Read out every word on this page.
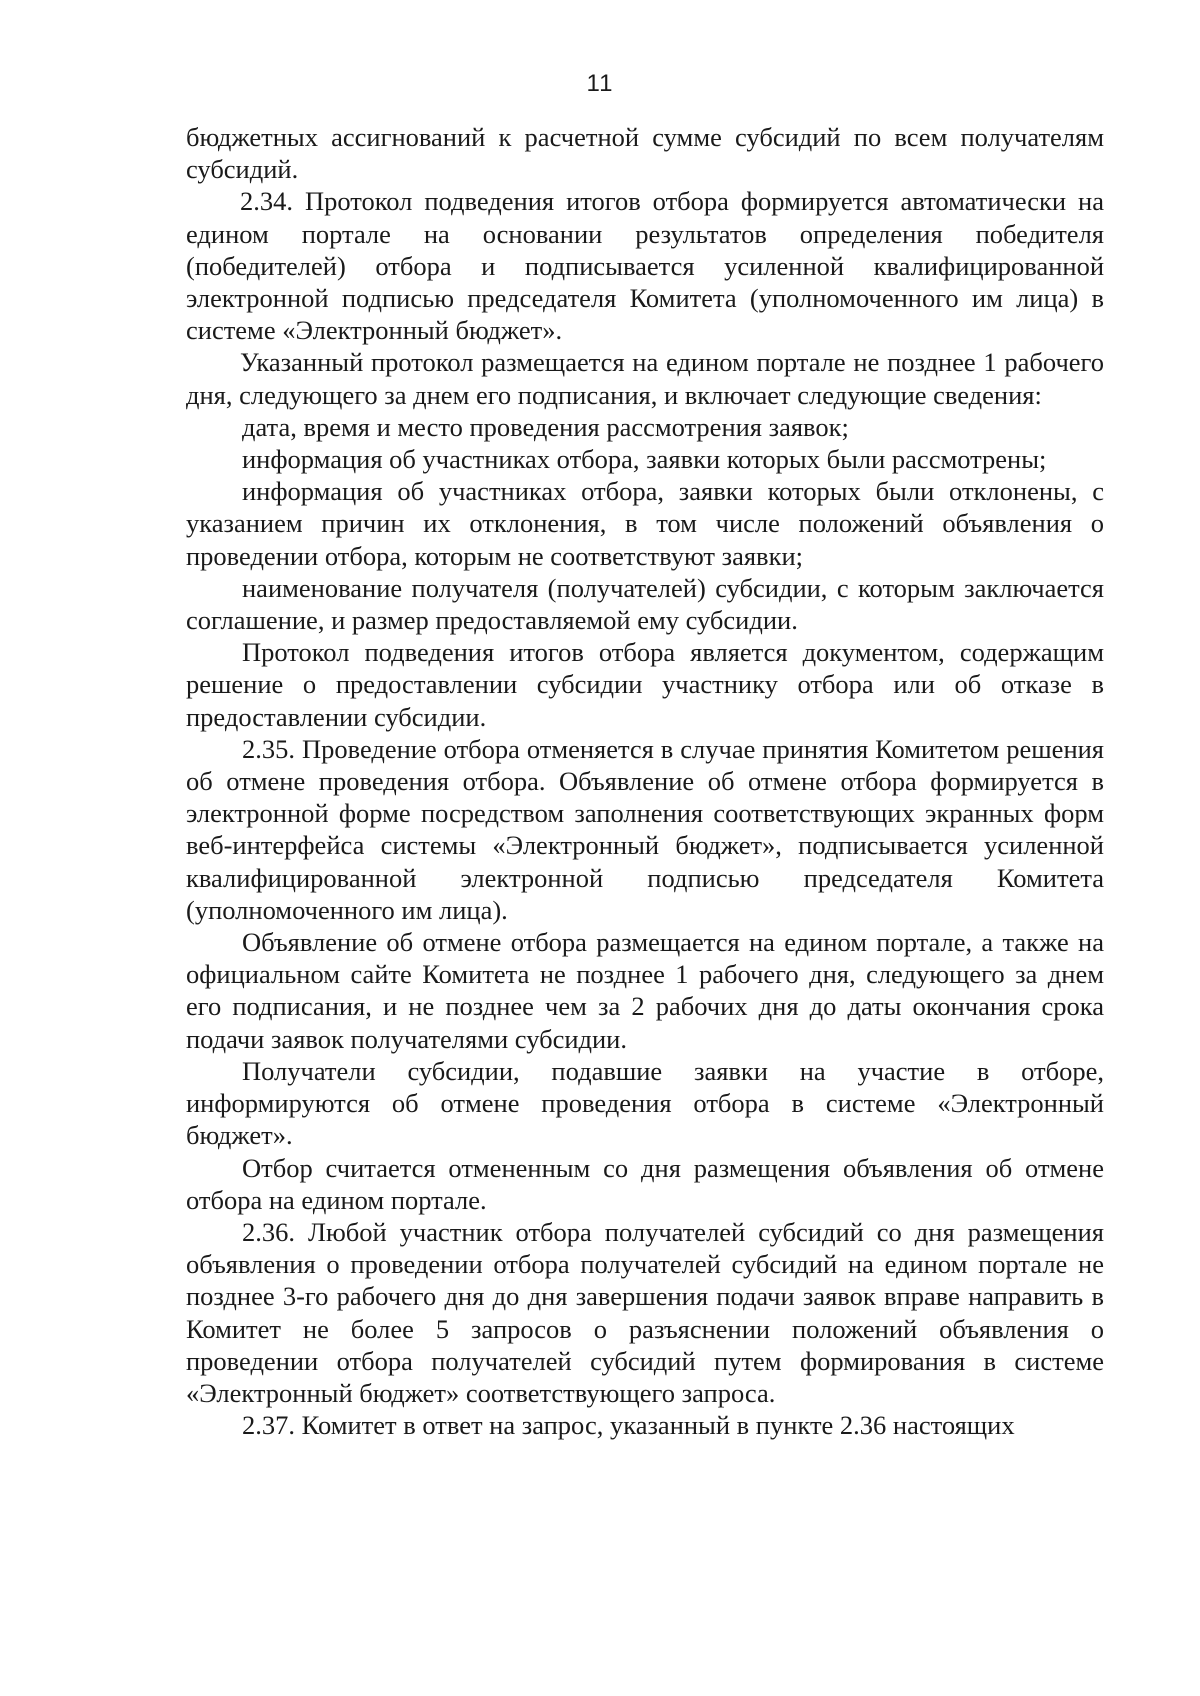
11

бюджетных ассигнований к расчетной сумме субсидий по всем получателям субсидий.

2.34. Протокол подведения итогов отбора формируется автоматически на едином портале на основании результатов определения победителя (победителей) отбора и подписывается усиленной квалифицированной электронной подписью председателя Комитета (уполномоченного им лица) в системе «Электронный бюджет».

Указанный протокол размещается на едином портале не позднее 1 рабочего дня, следующего за днем его подписания, и включает следующие сведения:

дата, время и место проведения рассмотрения заявок;

информация об участниках отбора, заявки которых были рассмотрены;

информация об участниках отбора, заявки которых были отклонены, с указанием причин их отклонения, в том числе положений объявления о проведении отбора, которым не соответствуют заявки;

наименование получателя (получателей) субсидии, с которым заключается соглашение, и размер предоставляемой ему субсидии.

Протокол подведения итогов отбора является документом, содержащим решение о предоставлении субсидии участнику отбора или об отказе в предоставлении субсидии.

2.35. Проведение отбора отменяется в случае принятия Комитетом решения об отмене проведения отбора. Объявление об отмене отбора формируется в электронной форме посредством заполнения соответствующих экранных форм веб-интерфейса системы «Электронный бюджет», подписывается усиленной квалифицированной электронной подписью председателя Комитета (уполномоченного им лица).

Объявление об отмене отбора размещается на едином портале, а также на официальном сайте Комитета не позднее 1 рабочего дня, следующего за днем его подписания, и не позднее чем за 2 рабочих дня до даты окончания срока подачи заявок получателями субсидии.

Получатели субсидии, подавшие заявки на участие в отборе, информируются об отмене проведения отбора в системе «Электронный бюджет».

Отбор считается отмененным со дня размещения объявления об отмене отбора на едином портале.

2.36. Любой участник отбора получателей субсидий со дня размещения объявления о проведении отбора получателей субсидий на едином портале не позднее 3-го рабочего дня до дня завершения подачи заявок вправе направить в Комитет не более 5 запросов о разъяснении положений объявления о проведении отбора получателей субсидий путем формирования в системе «Электронный бюджет» соответствующего запроса.

2.37. Комитет в ответ на запрос, указанный в пункте 2.36 настоящих
